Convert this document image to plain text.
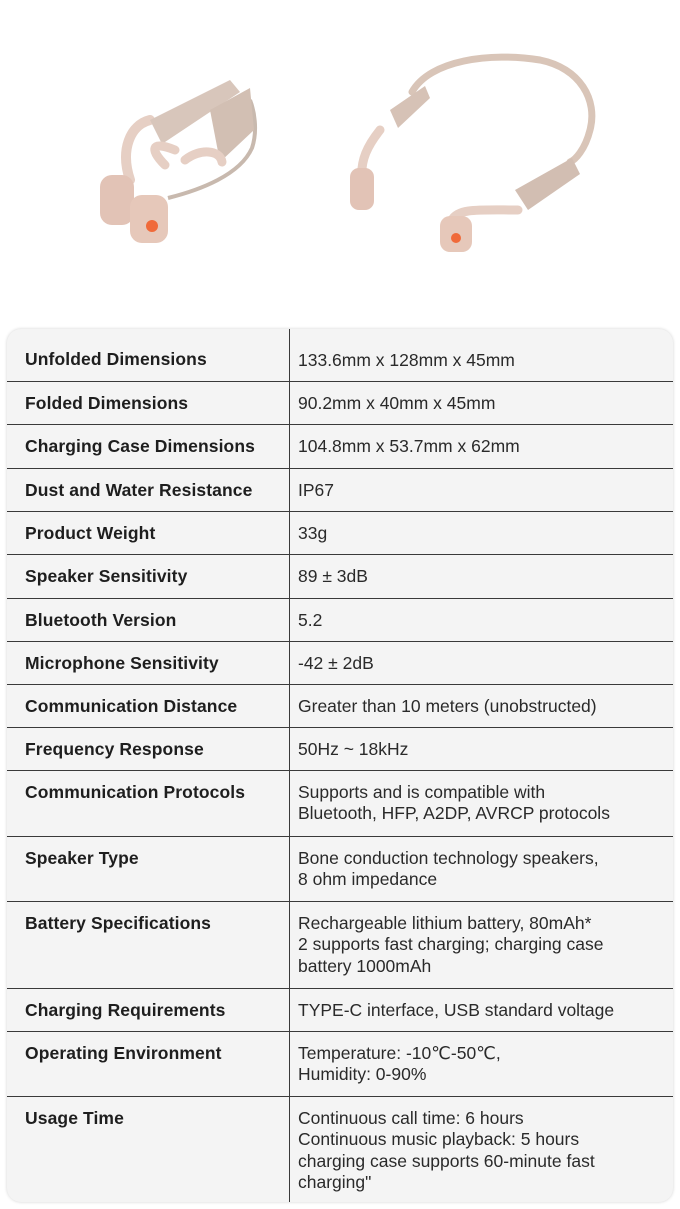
Unfolded Dimensions	133.6mm x 128mm x 45mm

Folded Dimensions	90.2mm x 40mm x 45mm

Charging Case Dimensions	104.8mm x 53.7mm x 62mm

Dust and Water Resistance	IP67

Product Weight	33g

Speaker Sensitivity	89 ± 3dB

Bluetooth Version	5.2

Microphone Sensitivity	-42 ± 2dB

Communication Distance	Greater than 10 meters (unobstructed)

Frequency Response	50Hz ~ 18kHz

Communication Protocols	Supports and is compatible with
Bluetooth, HFP, A2DP, AVRCP protocols

Speaker Type	Bone conduction technology speakers,
8 ohm impedance

Battery Specifications	Rechargeable lithium battery, 80mAh*
2 supports fast charging; charging case
battery 1000mAh

Charging Requirements	TYPE-C interface, USB standard voltage

Operating Environment	Temperature: -10℃-50℃,
Humidity: 0-90%

Usage Time	Continuous call time: 6 hours
Continuous music playback: 5 hours
charging case supports 60-minute fast
charging"
